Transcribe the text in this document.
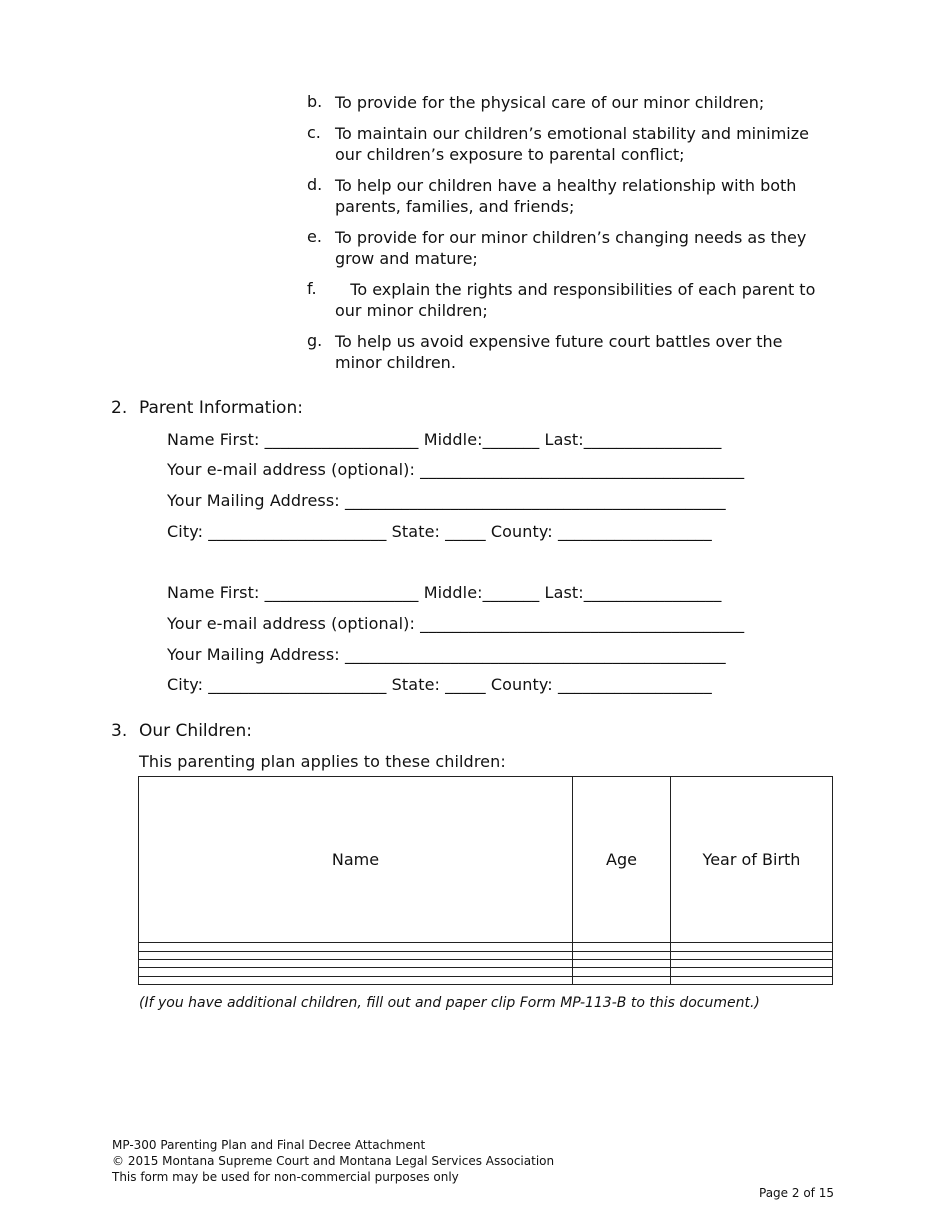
b. To provide for the physical care of our minor children;
c. To maintain our children’s emotional stability and minimize our children’s exposure to parental conflict;
d. To help our children have a healthy relationship with both parents, families, and friends;
e. To provide for our minor children’s changing needs as they grow and mature;
f. To explain the rights and responsibilities of each parent to our minor children;
g. To help us avoid expensive future court battles over the minor children.
2. Parent Information:
Name First: ___________________ Middle:_______ Last:_________________
Your e-mail address (optional): ________________________________________
Your Mailing Address: _______________________________________________
City: ______________________ State: _____ County: ___________________
Name First: ___________________ Middle:_______ Last:_________________
Your e-mail address (optional): ________________________________________
Your Mailing Address: _______________________________________________
City: ______________________ State: _____ County: ___________________
3. Our Children:
This parenting plan applies to these children:
Name	Age	Year of Birth

(If you have additional children, fill out and paper clip Form MP-113-B to this document.)
MP-300 Parenting Plan and Final Decree Attachment
© 2015 Montana Supreme Court and Montana Legal Services Association
This form may be used for non-commercial purposes only
Page 2 of 15
